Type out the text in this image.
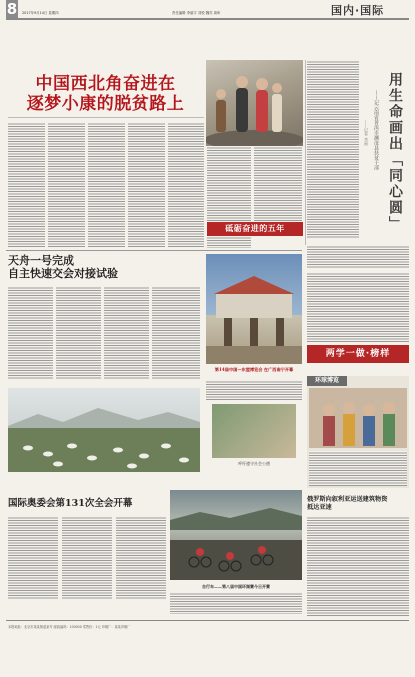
8 2017年9月14日 星期四	责任编辑 李丽宇 刘悦 魏苏 周昕	国内·国际
中国西北角奋进在
逐梦小康的脱贫路上
砥砺奋进的五年	用生命画出「同心圆」
——记云南省普洱市澜沧县扶贫干部
——记者 李丽
天舟一号完成
自主快速交会对接试验
第14届中国—东盟博览会 在广西南宁开幕
呼吁遵守社会公德
两学一做·榜样
环球博览
国际奥委会第131次全会开幕
自行车——第八届中国环湖赛今日开赛
俄罗斯向叙利亚运送建筑物资
抵达亚速
本报地址：北京市某某街道某号 邮政编码：100000 零售价：1元 印刷厂：某某印刷厂
